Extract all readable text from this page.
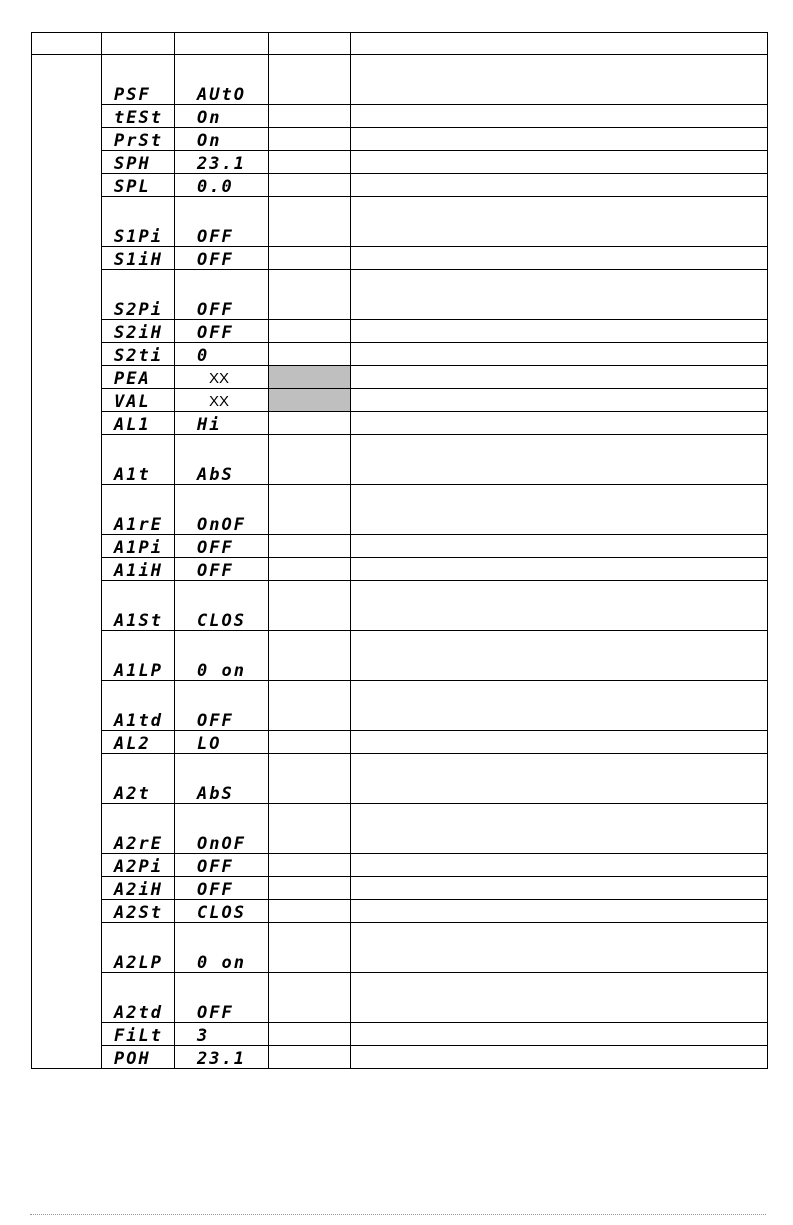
	PSF	AUtO		
	tESt	On		
	PrSt	On		
	SPH	23.1		
	SPL	0.0		
	S1Pi	OFF		
	S1iH	OFF		
	S2Pi	OFF		
	S2iH	OFF		
	S2ti	0		
	PEA	XX		
	VAL	XX		
	AL1	Hi		
	A1t	AbS		
	A1rE	OnOF		
	A1Pi	OFF		
	A1iH	OFF		
	A1St	CLOS		
	A1LP	0 on		
	A1td	OFF		
	AL2	LO		
	A2t	AbS		
	A2rE	OnOF		
	A2Pi	OFF		
	A2iH	OFF		
	A2St	CLOS		
	A2LP	0 on		
	A2td	OFF		
	FiLt	3		
	POH	23.1		
